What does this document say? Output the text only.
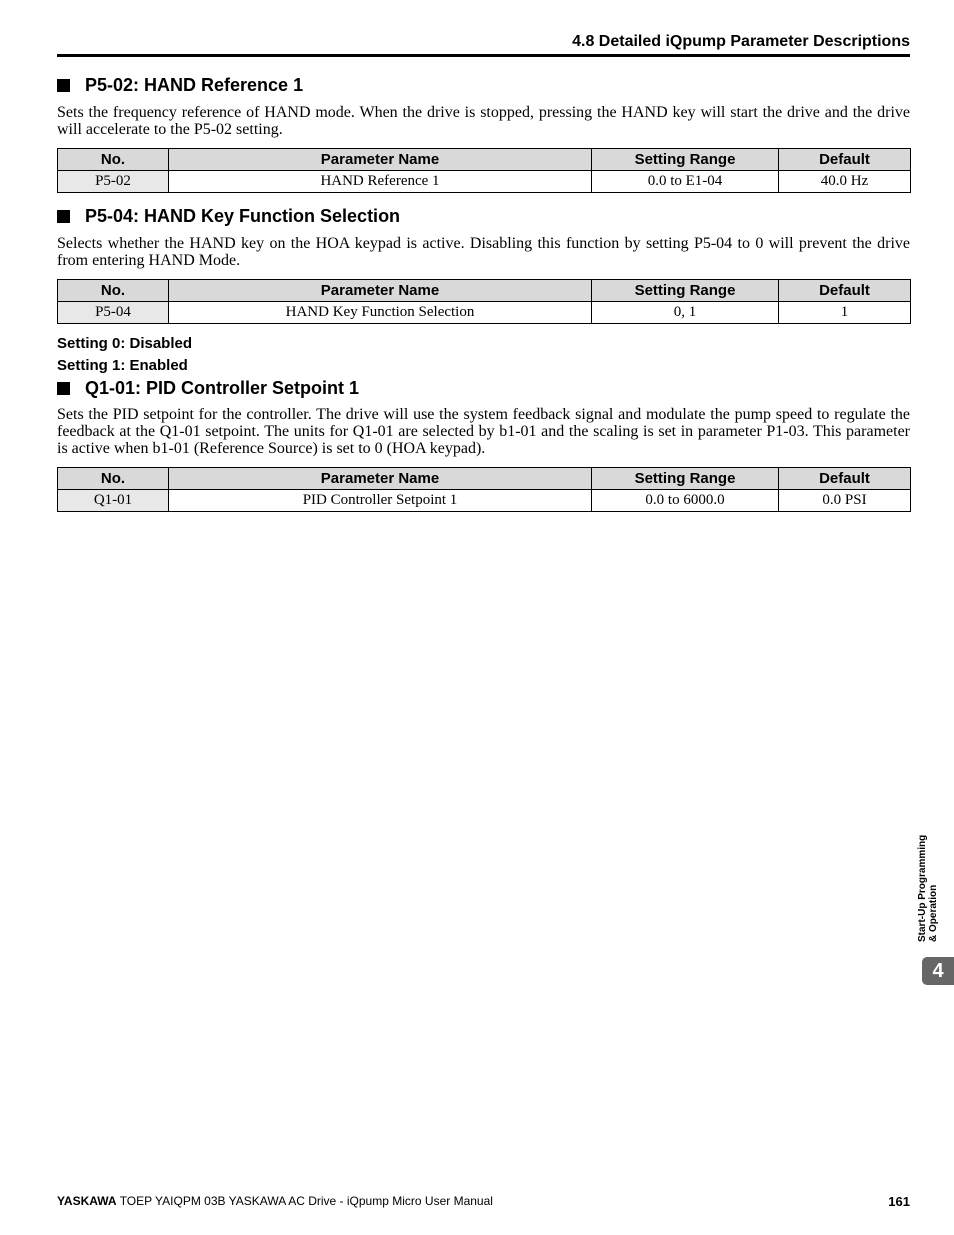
4.8 Detailed iQpump Parameter Descriptions
P5-02: HAND Reference 1
Sets the frequency reference of HAND mode. When the drive is stopped, pressing the HAND key will start the drive and the drive will accelerate to the P5-02 setting.
No.	Parameter Name	Setting Range	Default
P5-02	HAND Reference 1	0.0 to E1-04	40.0 Hz
P5-04: HAND Key Function Selection
Selects whether the HAND key on the HOA keypad is active. Disabling this function by setting P5-04 to 0 will prevent the drive from entering HAND Mode.
No.	Parameter Name	Setting Range	Default
P5-04	HAND Key Function Selection	0, 1	1
Setting 0: Disabled
Setting 1: Enabled
Q1-01: PID Controller Setpoint 1
Sets the PID setpoint for the controller. The drive will use the system feedback signal and modulate the pump speed to regulate the feedback at the Q1-01 setpoint. The units for Q1-01 are selected by b1-01 and the scaling is set in parameter P1-03. This parameter is active when b1-01 (Reference Source) is set to 0 (HOA keypad).
No.	Parameter Name	Setting Range	Default
Q1-01	PID Controller Setpoint 1	0.0 to 6000.0	0.0 PSI
Start-Up Programming & Operation
4
YASKAWA TOEP YAIQPM 03B YASKAWA AC Drive - iQpump Micro User Manual	161
